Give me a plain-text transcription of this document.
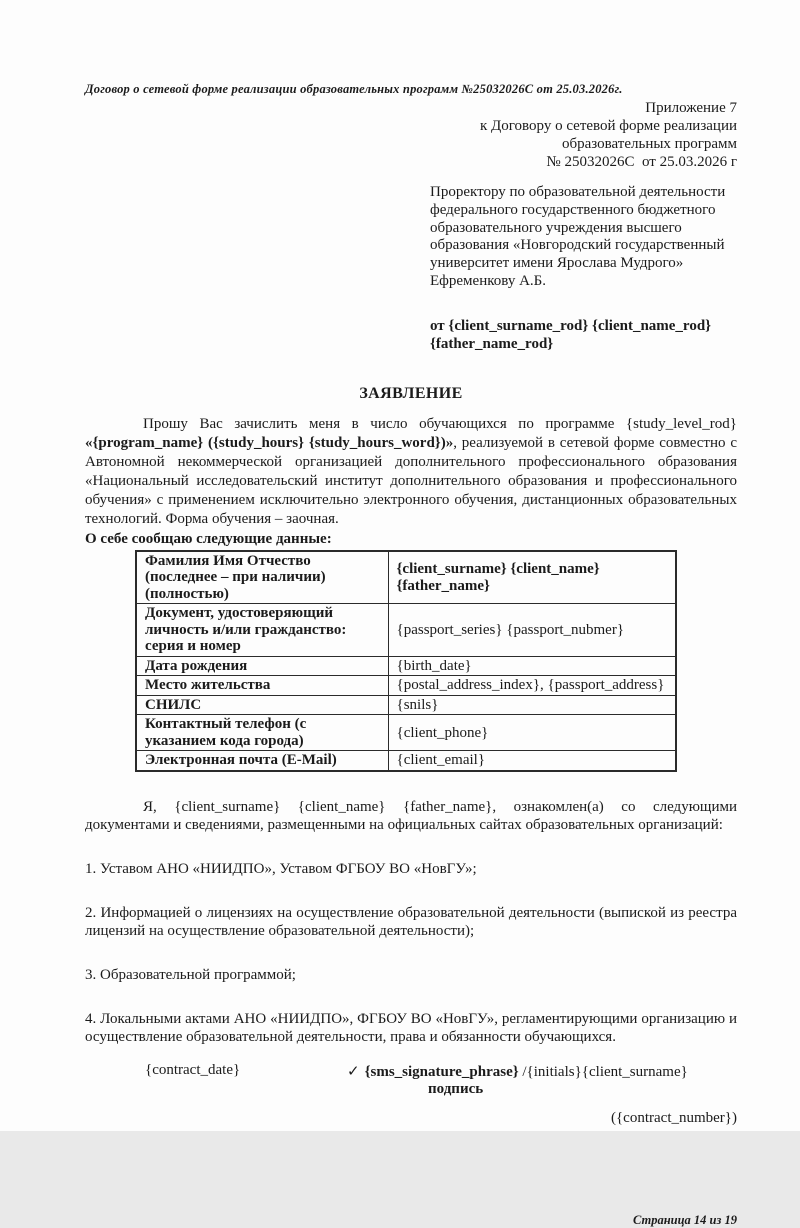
Договор о сетевой форме реализации образовательных программ №25032026С от 25.03.2026г.
Приложение 7
к Договору о сетевой форме реализации
образовательных программ
№ 25032026С  от 25.03.2026 г
Проректору по образовательной деятельности
федерального государственного бюджетного
образовательного учреждения высшего
образования «Новгородский государственный
университет имени Ярослава Мудрого»
Ефременкову А.Б.
от {client_surname_rod} {client_name_rod}
{father_name_rod}
ЗАЯВЛЕНИЕ

Прошу Вас зачислить меня в число обучающихся по программе {study_level_rod} «{program_name} ({study_hours} {study_hours_word})», реализуемой в сетевой форме совместно с Автономной некоммерческой организацией дополнительного профессионального образования «Национальный исследовательский институт дополнительного образования и профессионального обучения» с применением исключительно электронного обучения, дистанционных образовательных технологий. Форма обучения – заочная.

О себе сообщаю следующие данные:

Фамилия Имя Отчество (последнее – при наличии) (полностью)	{client_surname} {client_name} {father_name}
Документ, удостоверяющий личность и/или гражданство: серия и номер	{passport_series} {passport_nubmer}
Дата рождения	{birth_date}
Место жительства	{postal_address_index}, {passport_address}
СНИЛС	{snils}
Контактный телефон (с указанием кода города)	{client_phone}
Электронная почта (E-Mail)	{client_email}

Я, {client_surname} {client_name} {father_name}, ознакомлен(а) со следующими документами и сведениями, размещенными на официальных сайтах образовательных организаций:

1. Уставом АНО «НИИДПО», Уставом ФГБОУ ВО «НовГУ»;

2. Информацией о лицензиях на осуществление образовательной деятельности (выпиской из реестра лицензий на осуществление образовательной деятельности);

3. Образовательной программой;

4. Локальными актами АНО «НИИДПО», ФГБОУ ВО «НовГУ», регламентирующими организацию и осуществление образовательной деятельности, права и обязанности обучающихся.

{contract_date}	✓ {sms_signature_phrase} /{initials}{client_surname}
подпись
({contract_number})
Страница 14 из 19
